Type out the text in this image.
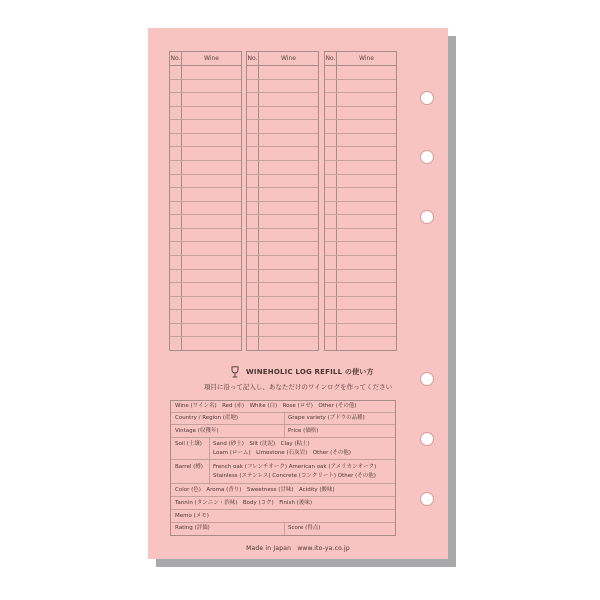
No.	Wine	No.	Wine	No.	Wine
WINEHOLIC LOG REFILL の使い方
項目に沿って記入し、あなただけのワインログを作ってください
Wine (ワイン名)　Red (赤)　White (白)　Rose (ロゼ)　Other (その他)
Country / Region (産地)	Grape variety (ブドウの品種)
Vintage (収穫年)	Price (価格)
Soil (土壌) Sand (砂土)　Silt (沈泥)　Clay (粘土)
Loam (ローム)　Limestone (石灰岩)　Other (その他)
Barrel (樽) French oak (フレンチオーク) American oak (アメリカンオーク)
Stainless (ステンレス) Concrete (コンクリート) Other (その他)
Color (色)　Aroma (香り)　Sweetness (甘味)　Acidity (酸味)
Tannin (タンニン・渋味)　Body (コク)　Finish (後味)
Memo (メモ)
Rating (評価)	Score (得点)
Made in Japan　www.ito-ya.co.jp
